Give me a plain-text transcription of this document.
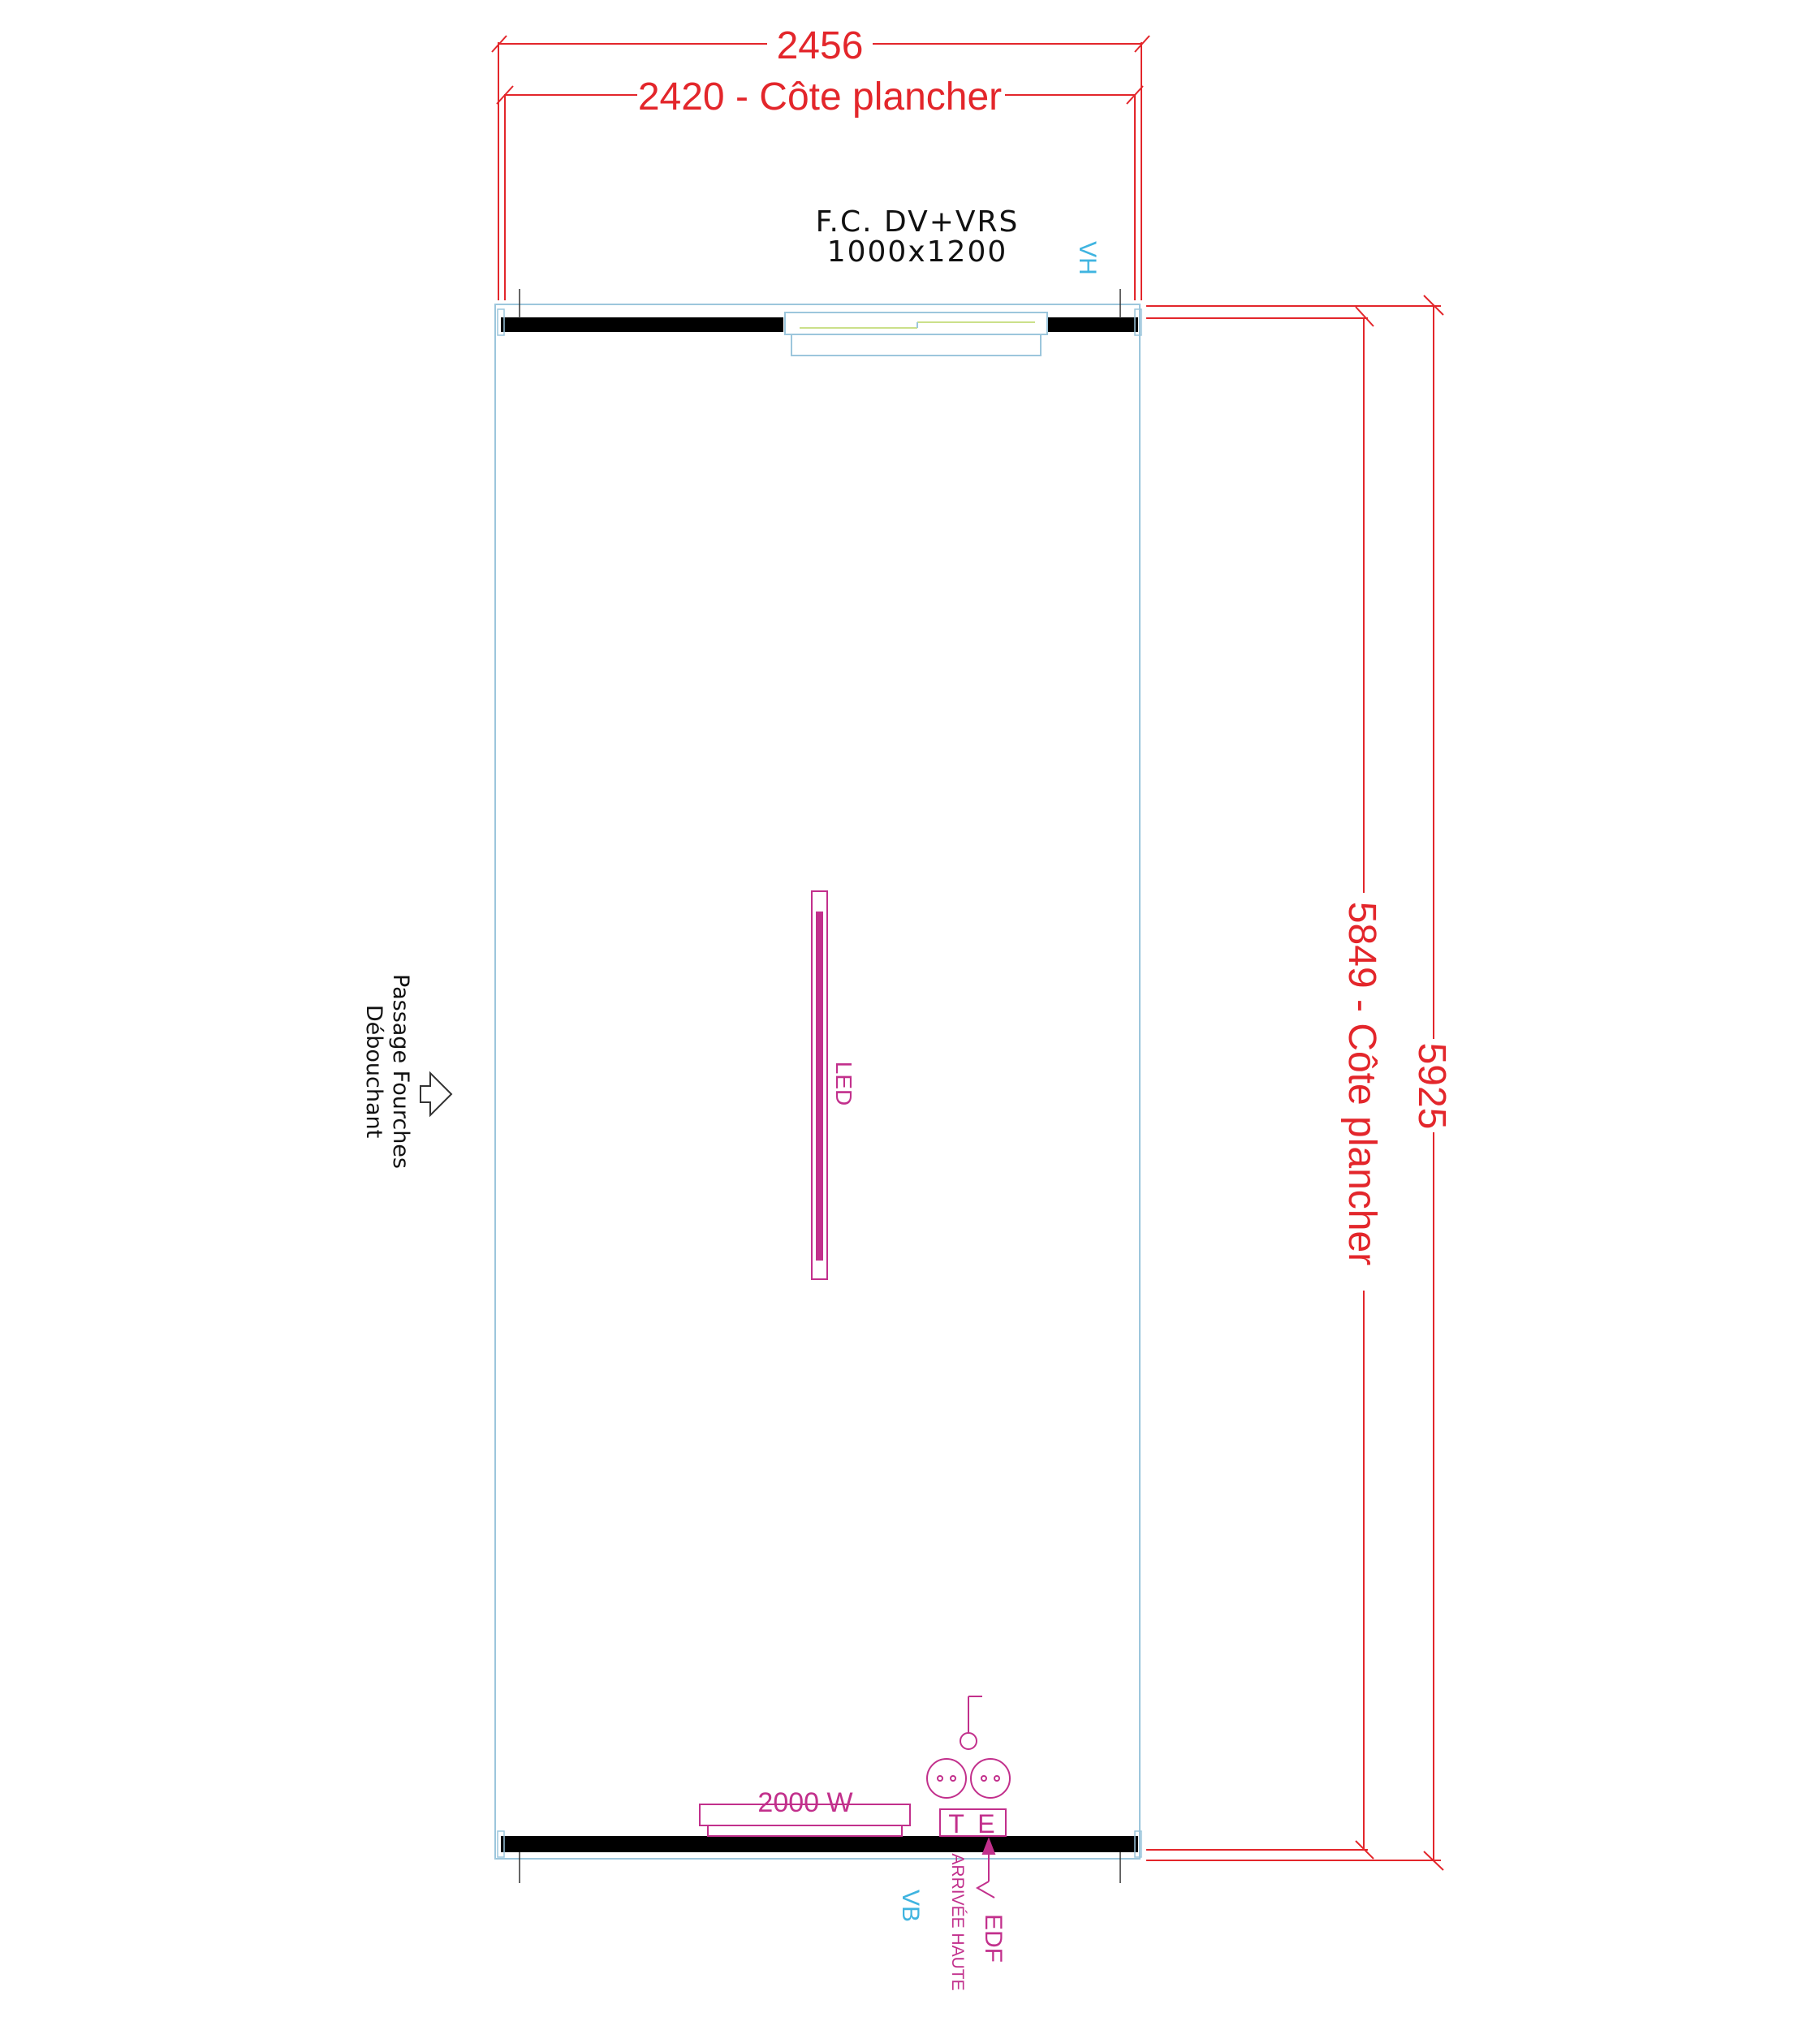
2456
2420 - Côte plancher
5849 - Côte plancher 5925
F.C. DV+VRS
1000x1200	VH
VB
LED
Passage Fourches
Débouchant
2000 W
T E
EDF
ARRIVÉE HAUTE
